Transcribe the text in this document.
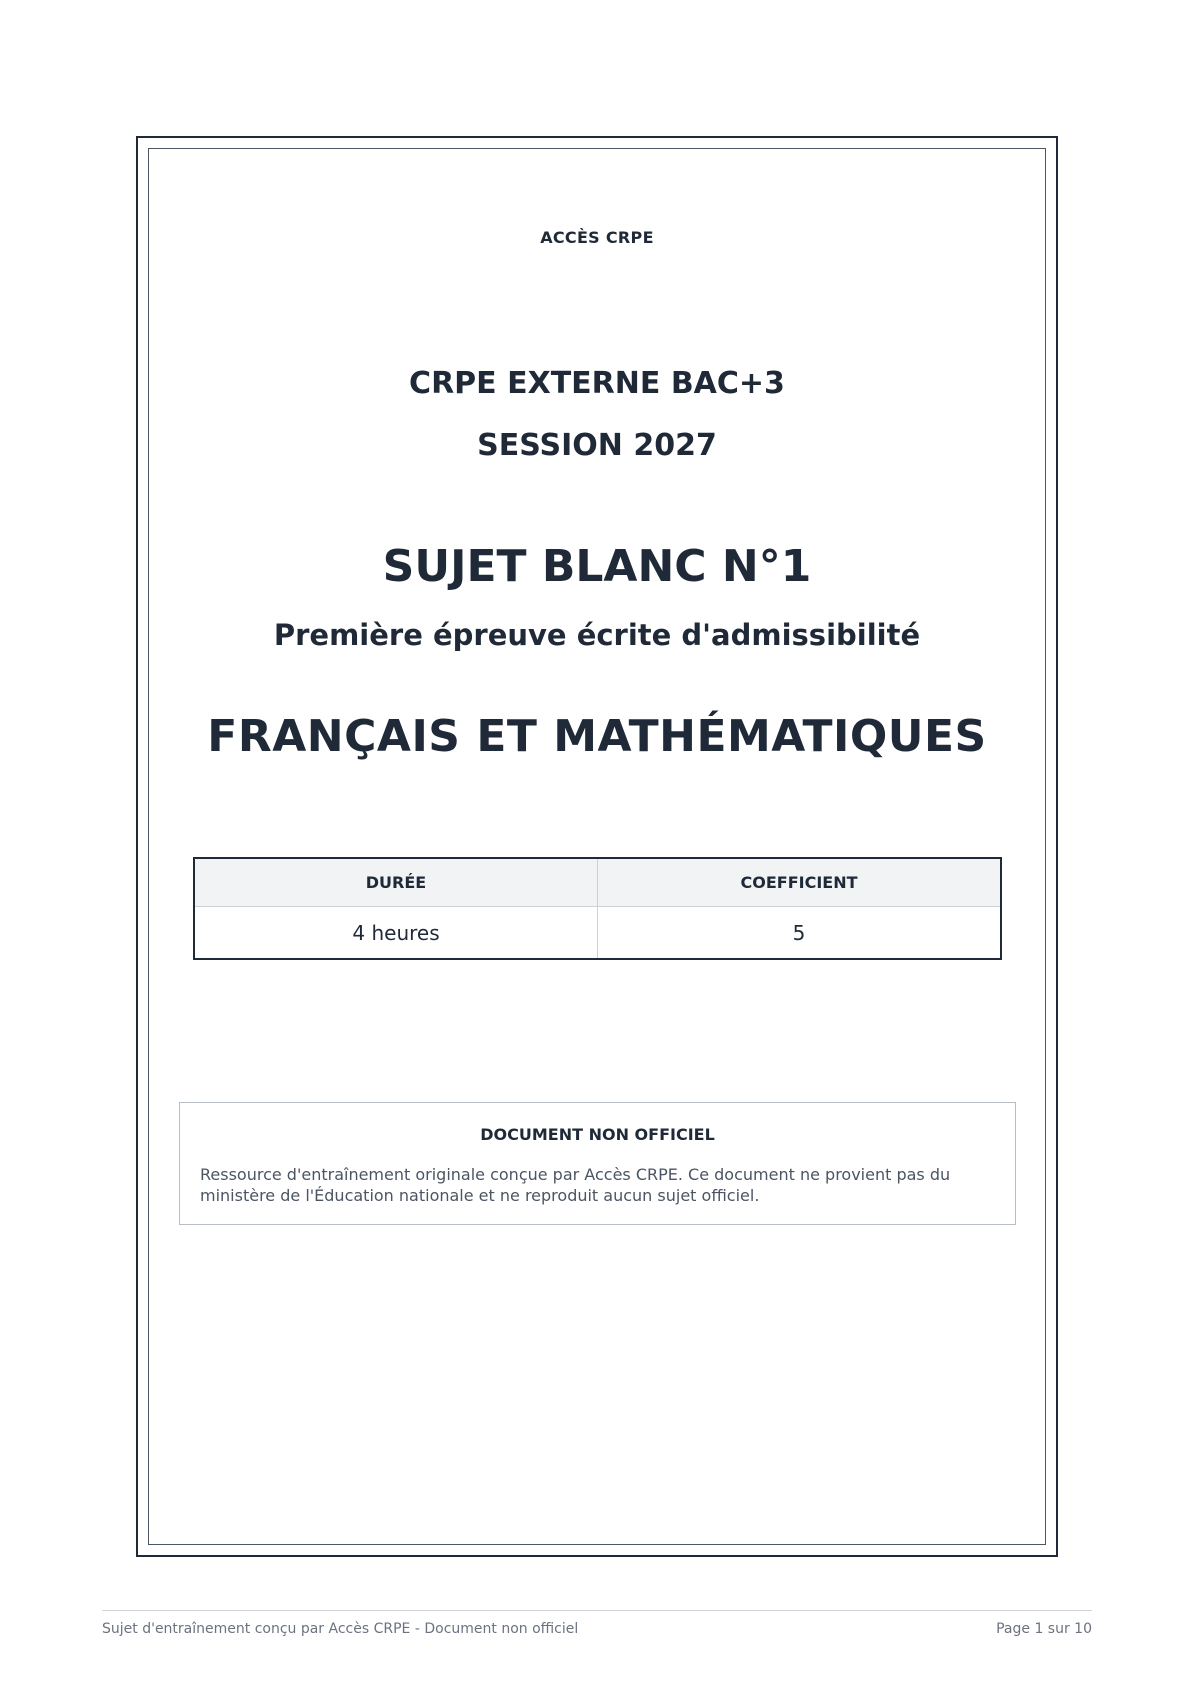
ACCÈS CRPE
CRPE EXTERNE BAC+3
SESSION 2027
SUJET BLANC N°1
Première épreuve écrite d'admissibilité
FRANÇAIS ET MATHÉMATIQUES
DURÉE	COEFFICIENT
4 heures	5
DOCUMENT NON OFFICIEL
Ressource d'entraînement originale conçue par Accès CRPE. Ce document ne provient pas du ministère de l'Éducation nationale et ne reproduit aucun sujet officiel.
Sujet d'entraînement conçu par Accès CRPE - Document non officiel	Page 1 sur 10
